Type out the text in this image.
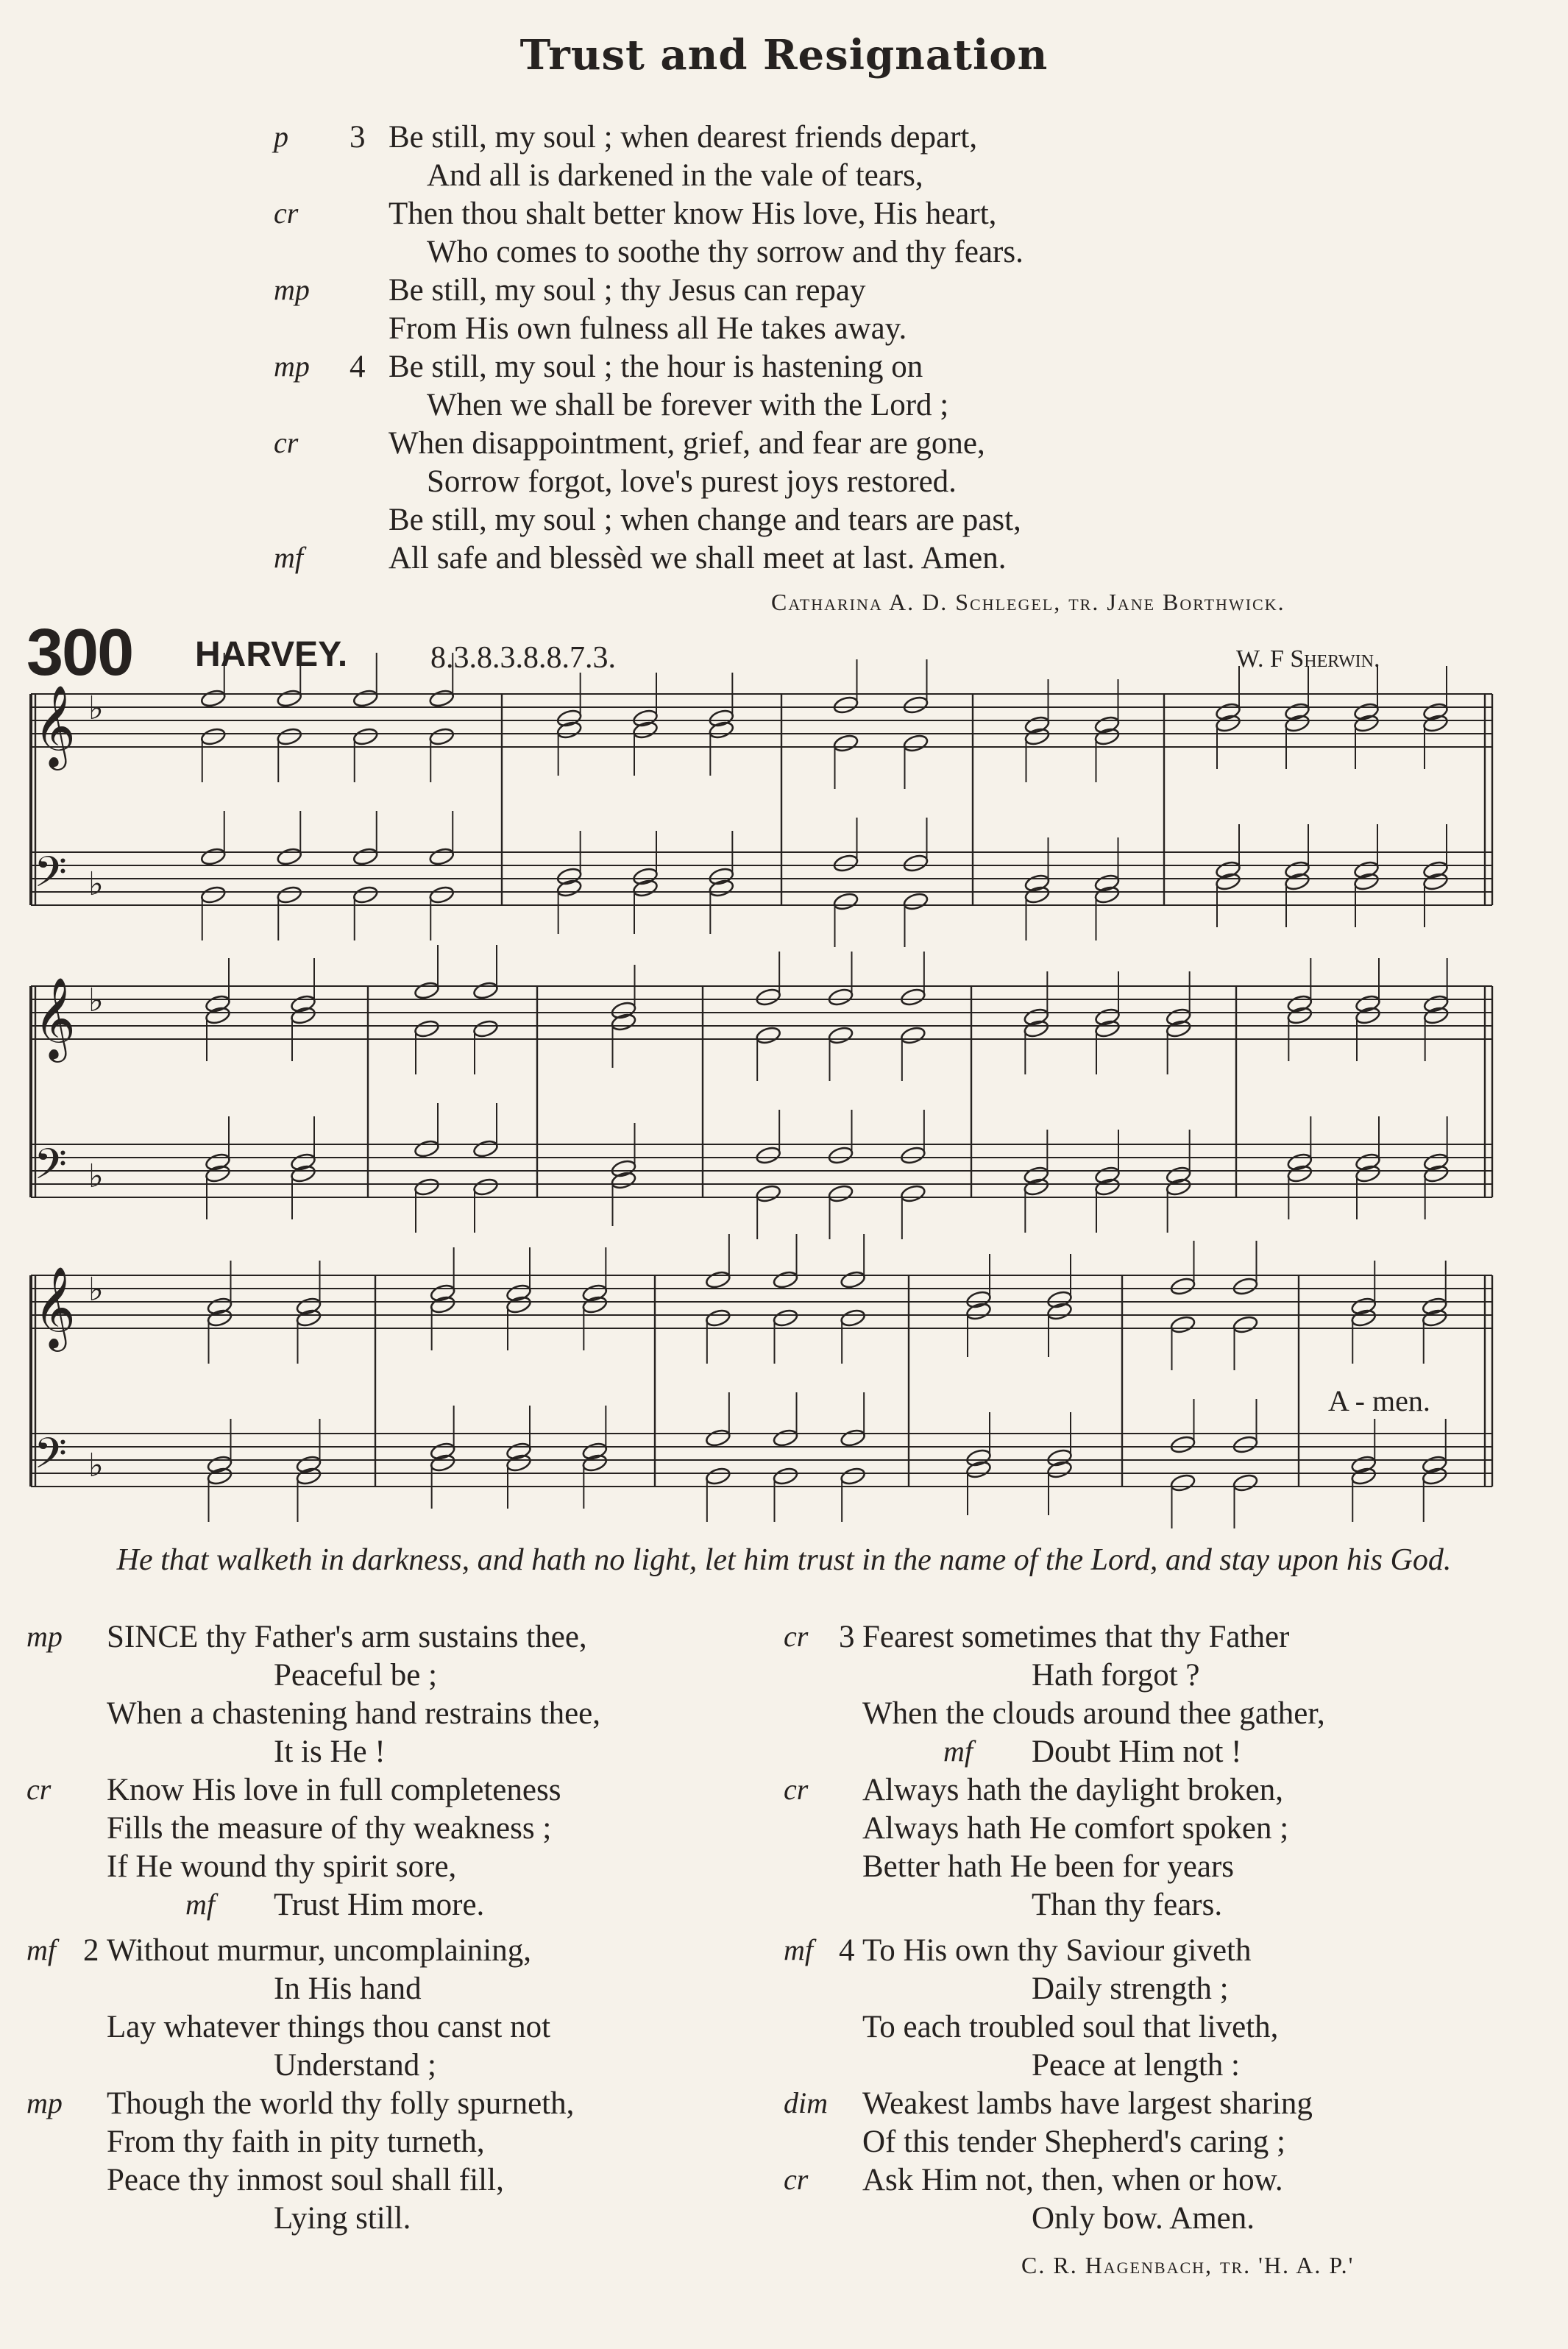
Trust and Resignation
p 3 Be still, my soul ; when dearest friends depart,
And all is darkened in the vale of tears,
cr	Then thou shalt better know His love, His heart,
Who comes to soothe thy sorrow and thy fears.
mp Be still, my soul ; thy Jesus can repay
From His own fulness all He takes away.
mp 4 Be still, my soul ; the hour is hastening on
When we shall be forever with the Lord ;
cr	When disappointment, grief, and fear are gone,
Sorrow forgot, love's purest joys restored.
Be still, my soul ; when change and tears are past,
mf	All safe and blessèd we shall meet at last. Amen.
Catharina A. D. Schlegel, tr. Jane Borthwick.
300 HARVEY.	8.3.8.3.8.8.7.3.	W. F Sherwin.
𝄞 ♭
𝄢 ♭
𝄞 ♭
𝄢 ♭
𝄞 ♭
𝄢 ♭
A - men.
He that walketh in darkness, and hath no light, let him trust in the name of the Lord, and stay upon his God.
mp SINCE thy Father's arm sustains thee,
Peaceful be ;
When a chastening hand restrains thee,
It is He !
cr Know His love in full completeness
Fills the measure of thy weakness ;
If He wound thy spirit sore,
mf Trust Him more.
mf 2 Without murmur, uncomplaining,
In His hand
Lay whatever things thou canst not
Understand ;
mp Though the world thy folly spurneth,
From thy faith in pity turneth,
Peace thy inmost soul shall fill,
Lying still.
cr 3 Fearest sometimes that thy Father
Hath forgot ?
When the clouds around thee gather,
mf Doubt Him not !
cr Always hath the daylight broken,
Always hath He comfort spoken ;
Better hath He been for years
Than thy fears.
mf 4 To His own thy Saviour giveth
Daily strength ;
To each troubled soul that liveth,
Peace at length :
dim Weakest lambs have largest sharing
Of this tender Shepherd's caring ;
cr Ask Him not, then, when or how.
Only bow. Amen.
C. R. Hagenbach, tr. 'H. A. P.'
